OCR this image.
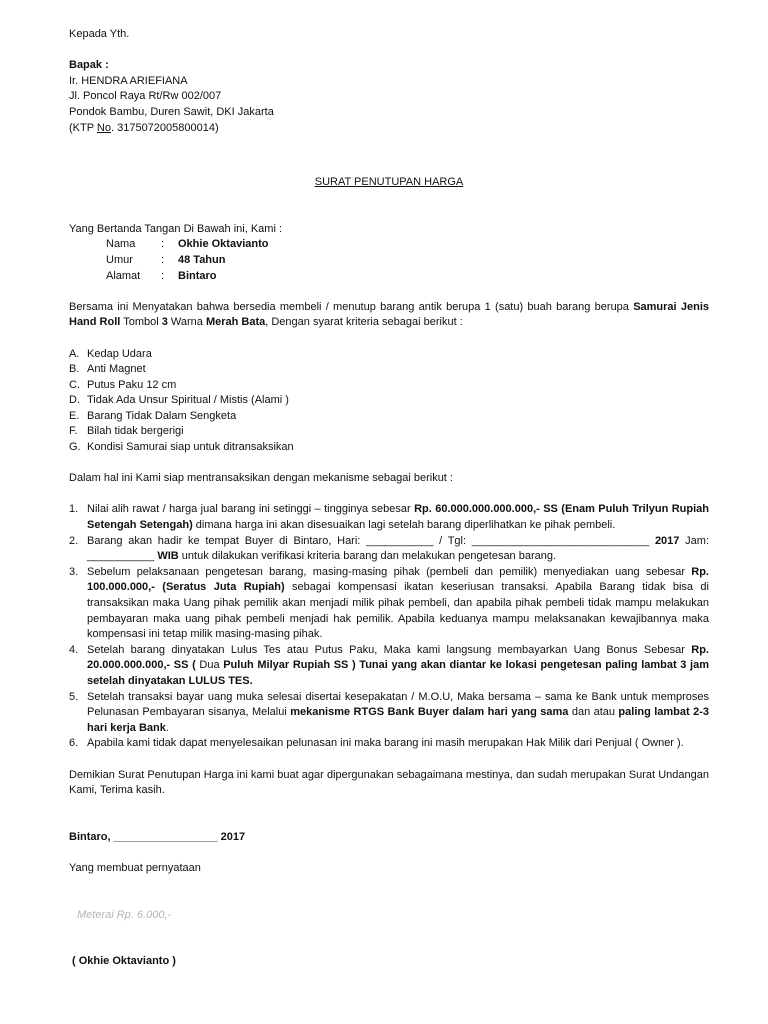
Kepada Yth.

Bapak :

Ir. HENDRA ARIEFIANA

Jl. Poncol Raya Rt/Rw 002/007

Pondok Bambu, Duren Sawit, DKI Jakarta

(KTP No. 3175072005800014)

SURAT PENUTUPAN HARGA

Yang Bertanda Tangan Di Bawah ini, Kami :

Nama	:	Okhie Oktavianto
Umur	:	48 Tahun
Alamat	:	Bintaro

Bersama ini Menyatakan bahwa bersedia membeli / menutup barang antik berupa 1 (satu) buah barang berupa Samurai Jenis Hand Roll Tombol 3 Warna Merah Bata, Dengan syarat kriteria sebagai berikut :

A. Kedap Udara
B. Anti Magnet
C. Putus Paku 12 cm
D. Tidak Ada Unsur Spiritual / Mistis (Alami )
E. Barang Tidak Dalam Sengketa
F. Bilah tidak bergerigi
G. Kondisi Samurai siap untuk ditransaksikan

Dalam hal ini Kami siap mentransaksikan dengan mekanisme sebagai berikut :

1. Nilai alih rawat / harga jual barang ini setinggi – tingginya sebesar Rp. 60.000.000.000.000,- SS (Enam Puluh Trilyun Rupiah Setengah Setengah) dimana harga ini akan disesuaikan lagi setelah barang diperlihatkan ke pihak pembeli.
2. Barang akan hadir ke tempat Buyer di Bintaro, Hari: ___________ / Tgl: _____________________________ 2017 Jam: ___________ WIB untuk dilakukan verifikasi kriteria barang dan melakukan pengetesan barang.
3. Sebelum pelaksanaan pengetesan barang, masing-masing pihak (pembeli dan pemilik) menyediakan uang sebesar Rp. 100.000.000,- (Seratus Juta Rupiah) sebagai kompensasi ikatan keseriusan transaksi. Apabila Barang tidak bisa di transaksikan maka Uang pihak pemilik akan menjadi milik pihak pembeli, dan apabila pihak pembeli tidak mampu melakukan pembayaran maka uang pihak pembeli menjadi hak pemilik. Apabila keduanya mampu melaksanakan kewajibannya maka kompensasi ini tetap milik masing-masing pihak.
4. Setelah barang dinyatakan Lulus Tes atau Putus Paku, Maka kami langsung membayarkan Uang Bonus Sebesar Rp. 20.000.000.000,- SS ( Dua Puluh Milyar Rupiah SS ) Tunai yang akan diantar ke lokasi pengetesan paling lambat 3 jam setelah dinyatakan LULUS TES.
5. Setelah transaksi bayar uang muka selesai disertai kesepakatan / M.O.U, Maka bersama – sama ke Bank untuk memproses Pelunasan Pembayaran sisanya, Melalui mekanisme RTGS Bank Buyer dalam hari yang sama dan atau paling lambat 2-3 hari kerja Bank.
6. Apabila kami tidak dapat menyelesaikan pelunasan ini maka barang ini masih merupakan Hak Milik dari Penjual ( Owner ).

Demikian Surat Penutupan Harga ini kami buat agar dipergunakan sebagaimana mestinya, dan sudah merupakan Surat Undangan Kami, Terima kasih.

Bintaro, _________________ 2017

Yang membuat pernyataan

Meterai Rp. 6.000,-

( Okhie Oktavianto )
